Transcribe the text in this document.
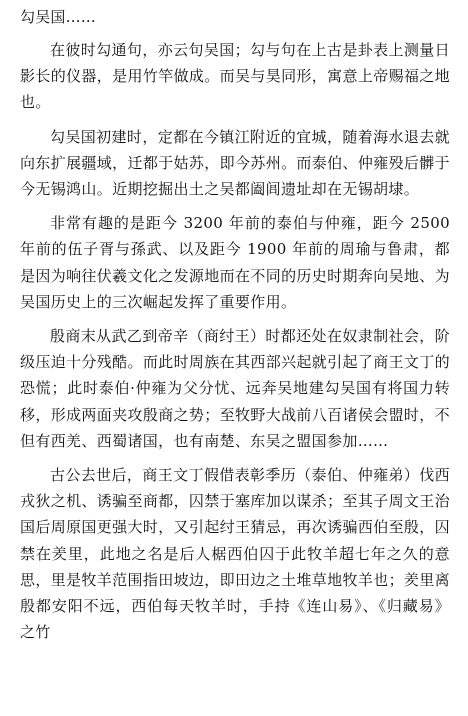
勾吴国……

在彼时勾通句，亦云句吴国；勾与句在上古是卦表上测量日影长的仪器，是用竹竿做成。而吴与昊同形，寓意上帝赐福之地也。

勾吴国初建时，定都在今镇江附近的宜城，随着海水退去就向东扩展疆域，迁都于姑苏，即今苏州。而泰伯、仲雍殁后髒于今无锡鸿山。近期挖掘出土之吴都阖闾遗址却在无锡胡埭。

非常有趣的是距今 3200 年前的泰伯与仲雍，距今 2500 年前的伍子胥与孫武、以及距今 1900 年前的周瑜与鲁肃，都是因为响往伏羲文化之发源地而在不同的历史时期奔向吴地、为吴国历史上的三次崛起发挥了重要作用。

殷商末从武乙到帝辛（商纣王）时都还处在奴隶制社会，阶级压迫十分残酷。而此时周族在其西部兴起就引起了商王文丁的恐慌；此时泰伯·仲雍为父分忧、远奔吴地建勾吴国有将国力转移，形成两面夹攻殷商之势；至牧野大战前八百诸侯会盟时，不但有西羌、西蜀诸国，也有南楚、东吴之盟国参加……

古公去世后，商王文丁假借表彰季历（泰伯、仲雍弟）伐西戎狄之机、诱骗至商都，囚禁于塞库加以谋杀；至其子周文王治国后周原国更强大时，又引起纣王猜忌，再次诱骗西伯至殷，囚禁在羑里，此地之名是后人椐西伯囚于此牧羊超七年之久的意思，里是牧羊范围指田坡边，即田边之土堆草地牧羊也；羑里离殷都安阳不远，西伯每天牧羊时，手持《连山易》、《归藏易》之竹
